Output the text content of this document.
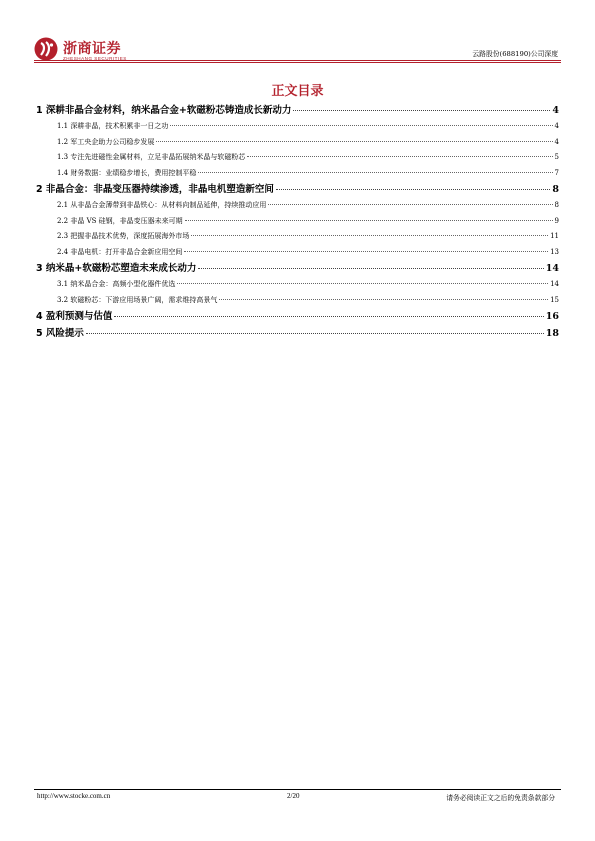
浙商证券
ZHESHANG SECURITIES
云路股份(688190)公司深度
正文目录
1 深耕非晶合金材料，纳米晶合金+软磁粉芯铸造成长新动力	4
1.1 深耕非晶，技术积累非一日之功	4
1.2 军工央企助力公司稳步发展	4
1.3 专注先进磁性金属材料，立足非晶拓展纳米晶与软磁粉芯	5
1.4 财务数据：业绩稳步增长，费用控制平稳	7
2 非晶合金：非晶变压器持续渗透，非晶电机塑造新空间	8
2.1 从非晶合金薄带到非晶铁心：从材料向制品延伸，持续推动应用	8
2.2 非晶 VS 硅钢，非晶变压器未来可期	9
2.3 把握非晶技术优势，深度拓展海外市场	11
2.4 非晶电机：打开非晶合金新应用空间	13
3 纳米晶+软磁粉芯塑造未来成长动力	14
3.1 纳米晶合金：高频小型化器件优选	14
3.2 软磁粉芯：下游应用场景广阔，需求维持高景气	15
4 盈利预测与估值	16
5 风险提示	18
http://www.stocke.com.cn	2/20	请务必阅读正文之后的免责条款部分
